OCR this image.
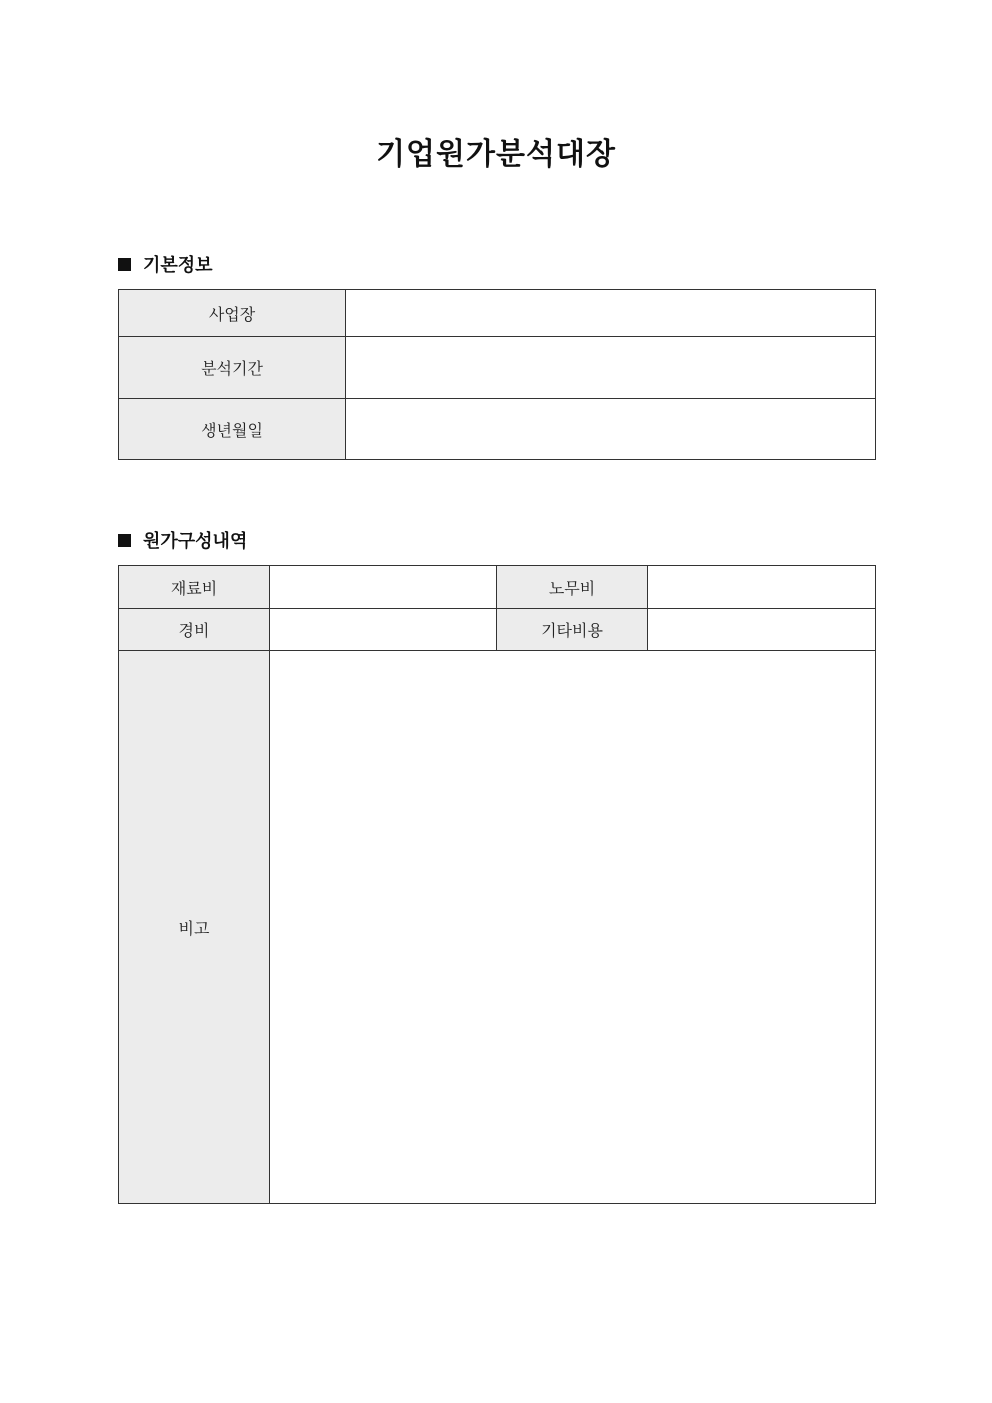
기업원가분석대장
기본정보
사업장	
분석기간	
생년월일	
원가구성내역
재료비		노무비	
경비		기타비용	
비고			
